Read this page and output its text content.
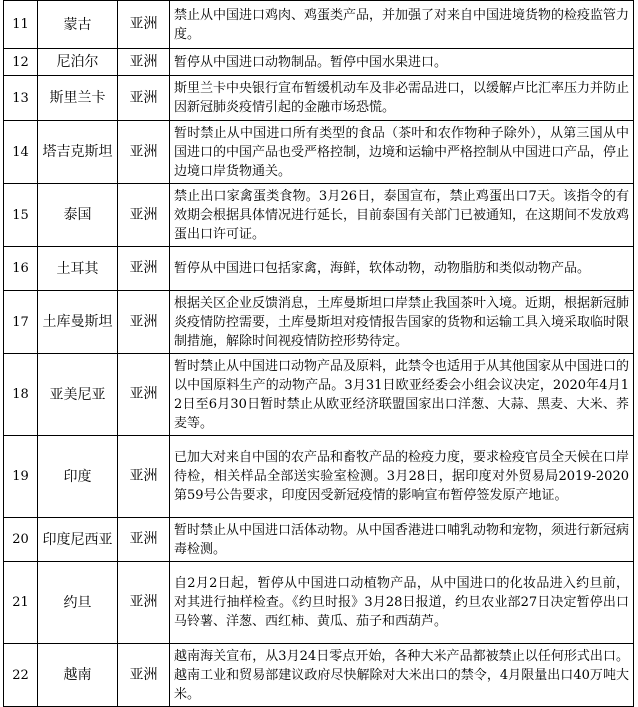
11	蒙古	亚洲	禁止从中国进口鸡肉、鸡蛋类产品，并加强了对来自中国进境货物的检疫监管力度。
12	尼泊尔	亚洲	暂停从中国进口动物制品。暂停中国水果进口。
13	斯里兰卡	亚洲	斯里兰卡中央银行宣布暂缓机动车及非必需品进口，以缓解卢比汇率压力并防止因新冠肺炎疫情引起的金融市场恐慌。
14	塔吉克斯坦	亚洲	暂时禁止从中国进口所有类型的食品（茶叶和农作物种子除外），从第三国从中国进口的中国产品也受严格控制，边境和运输中严格控制从中国进口产品，停止边境口岸货物通关。
15	泰国	亚洲	禁止出口家禽蛋类食物。3月26日，泰国宣布，禁止鸡蛋出口7天。该指令的有效期会根据具体情况进行延长，目前泰国有关部门已被通知，在这期间不发放鸡蛋出口许可证。
16	土耳其	亚洲	暂停从中国进口包括家禽，海鲜，软体动物，动物脂肪和类似动物产品。
17	土库曼斯坦	亚洲	根据关区企业反馈消息，土库曼斯坦口岸禁止我国茶叶入境。近期，根据新冠肺炎疫情防控需要，土库曼斯坦对疫情报告国家的货物和运输工具入境采取临时限制措施，解除时间视疫情防控形势待定。
18	亚美尼亚	亚洲	暂时禁止从中国进口动物产品及原料，此禁令也适用于从其他国家从中国进口的以中国原料生产的动物产品。3月31日欧亚经委会小组会议决定，2020年4月12日至6月30日暂时禁止从欧亚经济联盟国家出口洋葱、大蒜、黑麦、大米、荞麦等。
19	印度	亚洲	已加大对来自中国的农产品和畜牧产品的检疫力度，要求检疫官员全天候在口岸待检，相关样品全部送实验室检测。3月28日，据印度对外贸易局2019-2020第59号公告要求，印度因受新冠疫情的影响宣布暂停签发原产地证。
20	印度尼西亚	亚洲	暂时禁止从中国进口活体动物。从中国香港进口哺乳动物和宠物，须进行新冠病毒检测。
21	约旦	亚洲	自2月2日起，暂停从中国进口动植物产品，从中国进口的化妆品进入约旦前，对其进行抽样检查。《约旦时报》3月28日报道，约旦农业部27日决定暂停出口马铃薯、洋葱、西红柿、黄瓜、茄子和西葫芦。
22	越南	亚洲	越南海关宣布，从3月24日零点开始，各种大米产品都被禁止以任何形式出口。越南工业和贸易部建议政府尽快解除对大米出口的禁令，4月限量出口40万吨大米。
